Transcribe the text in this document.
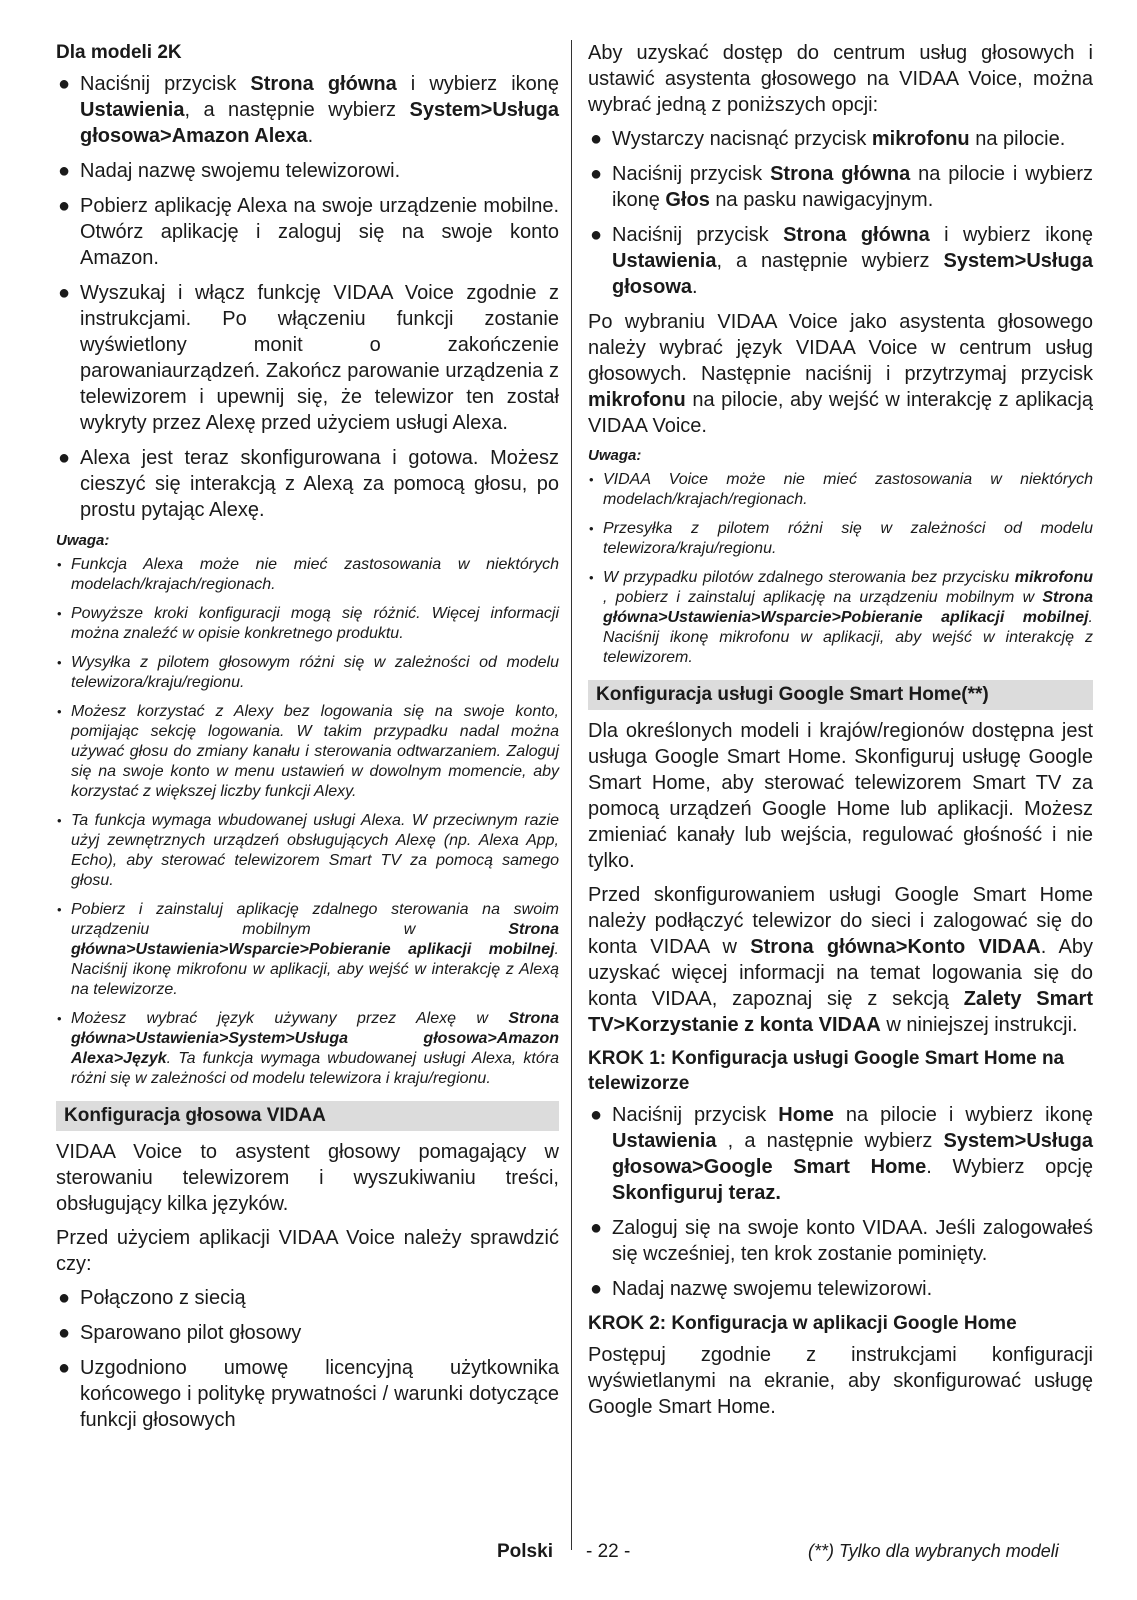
Dla modeli 2K
● Naciśnij przycisk Strona główna i wybierz ikonę Ustawienia, a następnie wybierz System>Usługa głosowa>Amazon Alexa.
● Nadaj nazwę swojemu telewizorowi.
● Pobierz aplikację Alexa na swoje urządzenie mobilne. Otwórz aplikację i zaloguj się na swoje konto Amazon.
● Wyszukaj i włącz funkcję VIDAA Voice zgodnie z instrukcjami. Po włączeniu funkcji zostanie wyświetlony monit o zakończenie parowaniaurządzeń. Zakończ parowanie urządzenia z telewizorem i upewnij się, że telewizor ten został wykryty przez Alexę przed użyciem usługi Alexa.
● Alexa jest teraz skonfigurowana i gotowa. Możesz cieszyć się interakcją z Alexą za pomocą głosu, po prostu pytając Alexę.
Uwaga:
• Funkcja Alexa może nie mieć zastosowania w niektórych modelach/krajach/regionach.
• Powyższe kroki konfiguracji mogą się różnić. Więcej informacji można znaleźć w opisie konkretnego produktu.
• Wysyłka z pilotem głosowym różni się w zależności od modelu telewizora/kraju/regionu.
• Możesz korzystać z Alexy bez logowania się na swoje konto, pomijając sekcję logowania. W takim przypadku nadal można używać głosu do zmiany kanału i sterowania odtwarzaniem. Zaloguj się na swoje konto w menu ustawień w dowolnym momencie, aby korzystać z większej liczby funkcji Alexy.
• Ta funkcja wymaga wbudowanej usługi Alexa. W przeciwnym razie użyj zewnętrznych urządzeń obsługujących Alexę (np. Alexa App, Echo), aby sterować telewizorem Smart TV za pomocą samego głosu.
• Pobierz i zainstaluj aplikację zdalnego sterowania na swoim urządzeniu mobilnym w Strona główna>Ustawienia>Wsparcie>Pobieranie aplikacji mobilnej. Naciśnij ikonę mikrofonu w aplikacji, aby wejść w interakcję z Alexą na telewizorze.
• Możesz wybrać język używany przez Alexę w Strona główna>Ustawienia>System>Usługa głosowa>Amazon Alexa>Język. Ta funkcja wymaga wbudowanej usługi Alexa, która różni się w zależności od modelu telewizora i kraju/regionu.
Konfiguracja głosowa VIDAA

VIDAA Voice to asystent głosowy pomagający w sterowaniu telewizorem i wyszukiwaniu treści, obsługujący kilka języków.

Przed użyciem aplikacji VIDAA Voice należy sprawdzić czy:

● Połączono z siecią
● Sparowano pilot głosowy
● Uzgodniono umowę licencyjną użytkownika końcowego i politykę prywatności / warunki dotyczące funkcji głosowych

Aby uzyskać dostęp do centrum usług głosowych i ustawić asystenta głosowego na VIDAA Voice, można wybrać jedną z poniższych opcji:

● Wystarczy nacisnąć przycisk mikrofonu na pilocie.
● Naciśnij przycisk Strona główna na pilocie i wybierz ikonę Głos na pasku nawigacyjnym.
● Naciśnij przycisk Strona główna i wybierz ikonę Ustawienia, a następnie wybierz System>Usługa głosowa.

Po wybraniu VIDAA Voice jako asystenta głosowego należy wybrać język VIDAA Voice w centrum usług głosowych. Następnie naciśnij i przytrzymaj przycisk mikrofonu na pilocie, aby wejść w interakcję z aplikacją VIDAA Voice.

Uwaga:
• VIDAA Voice może nie mieć zastosowania w niektórych modelach/krajach/regionach.
• Przesyłka z pilotem różni się w zależności od modelu telewizora/kraju/regionu.
• W przypadku pilotów zdalnego sterowania bez przycisku mikrofonu , pobierz i zainstaluj aplikację na urządzeniu mobilnym w Strona główna>Ustawienia>Wsparcie>Pobieranie aplikacji mobilnej. Naciśnij ikonę mikrofonu w aplikacji, aby wejść w interakcję z telewizorem.
Konfiguracja usługi Google Smart Home(**)

Dla określonych modeli i krajów/regionów dostępna jest usługa Google Smart Home. Skonfiguruj usługę Google Smart Home, aby sterować telewizorem Smart TV za pomocą urządzeń Google Home lub aplikacji. Możesz zmieniać kanały lub wejścia, regulować głośność i nie tylko.

Przed skonfigurowaniem usługi Google Smart Home należy podłączyć telewizor do sieci i zalogować się do konta VIDAA w Strona główna>Konto VIDAA. Aby uzyskać więcej informacji na temat logowania się do konta VIDAA, zapoznaj się z sekcją Zalety Smart TV>Korzystanie z konta VIDAA w niniejszej instrukcji.

KROK 1: Konfiguracja usługi Google Smart Home na telewizorze
● Naciśnij przycisk Home na pilocie i wybierz ikonę Ustawienia , a następnie wybierz System>Usługa głosowa>Google Smart Home. Wybierz opcję Skonfiguruj teraz.
● Zaloguj się na swoje konto VIDAA. Jeśli zalogowałeś się wcześniej, ten krok zostanie pominięty.
● Nadaj nazwę swojemu telewizorowi.
KROK 2: Konfiguracja w aplikacji Google Home

Postępuj zgodnie z instrukcjami konfiguracji wyświetlanymi na ekranie, aby skonfigurować usługę Google Smart Home.

Polski - 22 -	(**) Tylko dla wybranych modeli
